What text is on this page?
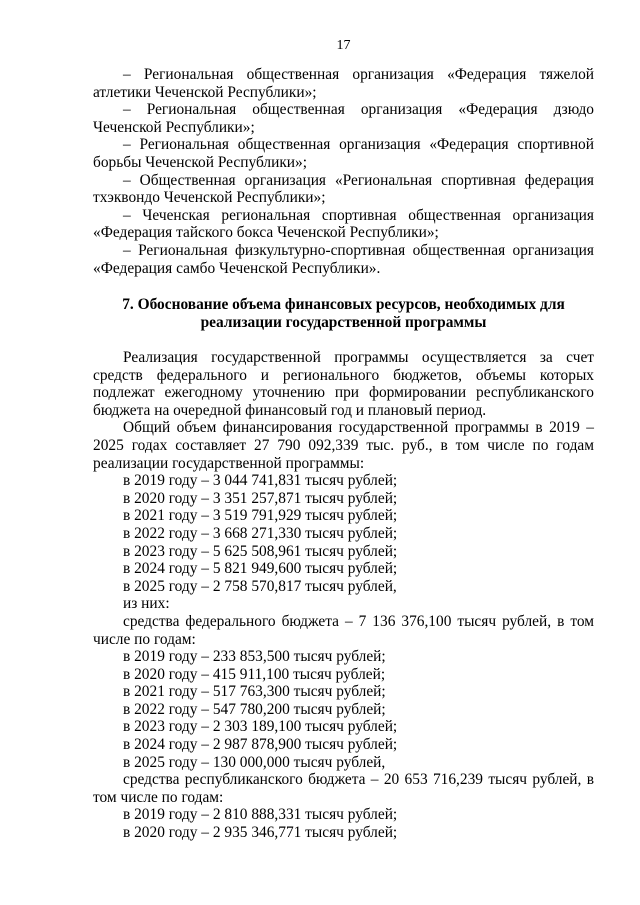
17

– Региональная общественная организация «Федерация тяжелой атлетики Чеченской Республики»;

– Региональная общественная организация «Федерация дзюдо Чеченской Республики»;

– Региональная общественная организация «Федерация спортивной борьбы Чеченской Республики»;

– Общественная организация «Региональная спортивная федерация тхэквондо Чеченской Республики»;

– Чеченская региональная спортивная общественная организация «Федерация тайского бокса Чеченской Республики»;

– Региональная физкультурно-спортивная общественная организация «Федерация самбо Чеченской Республики».

7. Обоснование объема финансовых ресурсов, необходимых для

реализации государственной программы

Реализация государственной программы осуществляется за счет средств федерального и регионального бюджетов, объемы которых подлежат ежегодному уточнению при формировании республиканского бюджета на очередной финансовый год и плановый период.

Общий объем финансирования государственной программы в 2019 – 2025 годах составляет 27 790 092,339 тыс. руб., в том числе по годам реализации государственной программы:

в 2019 году – 3 044 741,831 тысяч рублей;

в 2020 году – 3 351 257,871 тысяч рублей;

в 2021 году – 3 519 791,929 тысяч рублей;

в 2022 году – 3 668 271,330 тысяч рублей;

в 2023 году – 5 625 508,961 тысяч рублей;

в 2024 году – 5 821 949,600 тысяч рублей;

в 2025 году – 2 758 570,817 тысяч рублей,

из них:

средства федерального бюджета – 7 136 376,100 тысяч рублей, в том числе по годам:

в 2019 году – 233 853,500 тысяч рублей;

в 2020 году – 415 911,100 тысяч рублей;

в 2021 году – 517 763,300 тысяч рублей;

в 2022 году – 547 780,200 тысяч рублей;

в 2023 году – 2 303 189,100 тысяч рублей;

в 2024 году – 2 987 878,900 тысяч рублей;

в 2025 году – 130 000,000 тысяч рублей,

средства республиканского бюджета – 20 653 716,239 тысяч рублей, в том числе по годам:

в 2019 году – 2 810 888,331 тысяч рублей;

в 2020 году – 2 935 346,771 тысяч рублей;
